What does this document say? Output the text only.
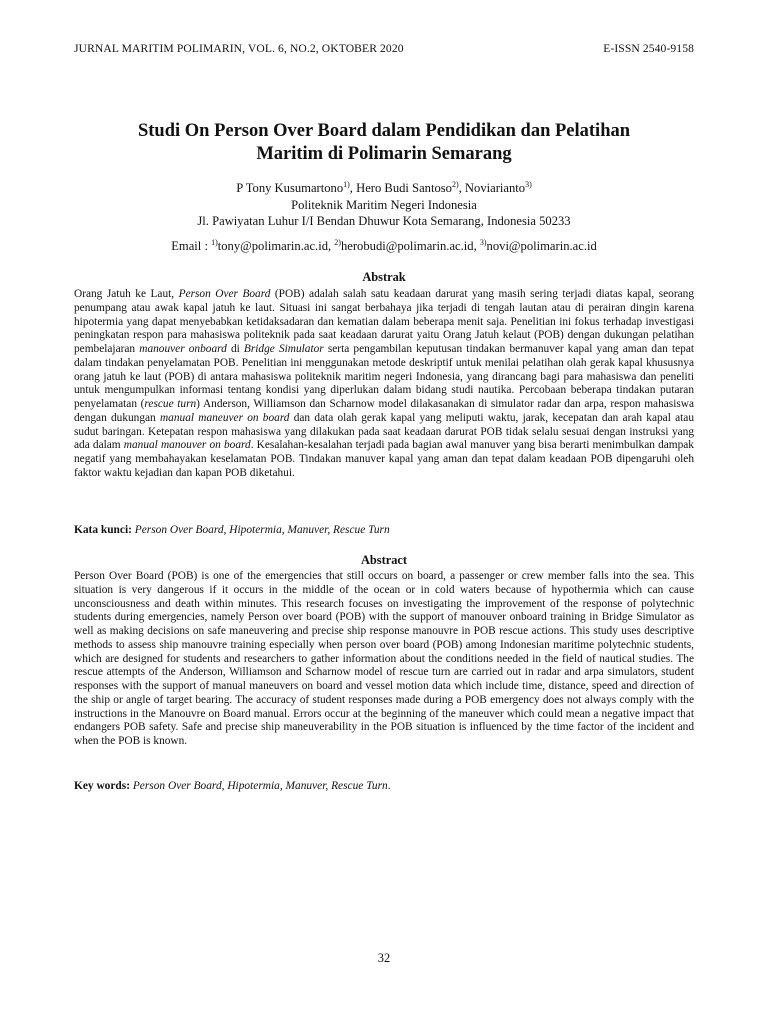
JURNAL MARITIM POLIMARIN, VOL. 6, NO.2, OKTOBER 2020	E-ISSN 2540-9158
Studi On Person Over Board dalam Pendidikan dan Pelatihan
Maritim di Polimarin Semarang
P Tony Kusumartono$^{1)}$, Hero Budi Santoso$^{2)}$, Noviarianto$^{3)}$
Politeknik Maritim Negeri Indonesia
Jl. Pawiyatan Luhur I/I Bendan Dhuwur Kota Semarang, Indonesia 50233
Email : $^{1)}$tony@polimarin.ac.id, $^{2)}$herobudi@polimarin.ac.id, $^{3)}$novi@polimarin.ac.id
Abstrak
Orang Jatuh ke Laut, Person Over Board (POB) adalah salah satu keadaan darurat yang masih sering terjadi diatas kapal, seorang penumpang atau awak kapal jatuh ke laut. Situasi ini sangat berbahaya jika terjadi di tengah lautan atau di perairan dingin karena hipotermia yang dapat menyebabkan ketidaksadaran dan kematian dalam beberapa menit saja. Penelitian ini fokus terhadap investigasi peningkatan respon para mahasiswa politeknik pada saat keadaan darurat yaitu Orang Jatuh kelaut (POB) dengan dukungan pelatihan pembelajaran manouver onboard di Bridge Simulator serta pengambilan keputusan tindakan bermanuver kapal yang aman dan tepat dalam tindakan penyelamatan POB. Penelitian ini menggunakan metode deskriptif untuk menilai pelatihan olah gerak kapal khususnya orang jatuh ke laut (POB) di antara mahasiswa politeknik maritim negeri Indonesia, yang dirancang bagi para mahasiswa dan peneliti untuk mengumpulkan informasi tentang kondisi yang diperlukan dalam bidang studi nautika. Percobaan beberapa tindakan putaran penyelamatan (rescue turn) Anderson, Williamson dan Scharnow model dilakasanakan di simulator radar dan arpa, respon mahasiswa dengan dukungan manual maneuver on board dan data olah gerak kapal yang meliputi waktu, jarak, kecepatan dan arah kapal atau sudut baringan. Ketepatan respon mahasiswa yang dilakukan pada saat keadaan darurat POB tidak selalu sesuai dengan instruksi yang ada dalam manual manouver on board. Kesalahan-kesalahan terjadi pada bagian awal manuver yang bisa berarti menimbulkan dampak negatif yang membahayakan keselamatan POB. Tindakan manuver kapal yang aman dan tepat dalam keadaan POB dipengaruhi oleh faktor waktu kejadian dan kapan POB diketahui.
Kata kunci: Person Over Board, Hipotermia, Manuver, Rescue Turn
Abstract
Person Over Board (POB) is one of the emergencies that still occurs on board, a passenger or crew member falls into the sea. This situation is very dangerous if it occurs in the middle of the ocean or in cold waters because of hypothermia which can cause unconsciousness and death within minutes. This research focuses on investigating the improvement of the response of polytechnic students during emergencies, namely Person over board (POB) with the support of manouver onboard training in Bridge Simulator as well as making decisions on safe maneuvering and precise ship response manouvre in POB rescue actions. This study uses descriptive methods to assess ship manouvre training especially when person over board (POB) among Indonesian maritime polytechnic students, which are designed for students and researchers to gather information about the conditions needed in the field of nautical studies. The rescue attempts of the Anderson, Williamson and Scharnow model of rescue turn are carried out in radar and arpa simulators, student responses with the support of manual maneuvers on board and vessel motion data which include time, distance, speed and direction of the ship or angle of target bearing. The accuracy of student responses made during a POB emergency does not always comply with the instructions in the Manouvre on Board manual. Errors occur at the beginning of the maneuver which could mean a negative impact that endangers POB safety. Safe and precise ship maneuverability in the POB situation is influenced by the time factor of the incident and when the POB is known.
Key words: Person Over Board, Hipotermia, Manuver, Rescue Turn.
32
